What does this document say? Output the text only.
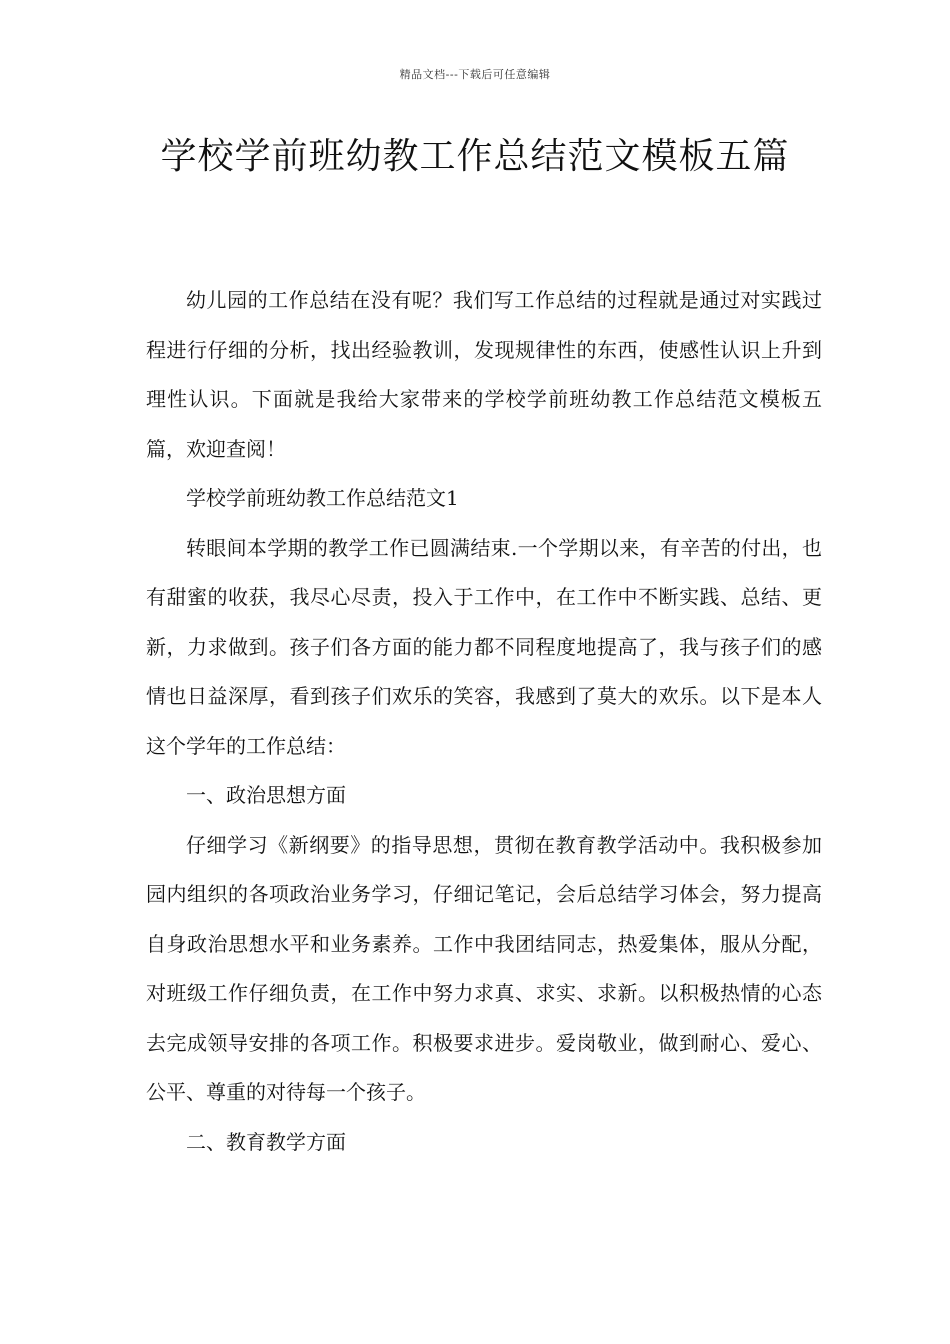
精品文档---下载后可任意编辑
学校学前班幼教工作总结范文模板五篇

幼儿园的工作总结在没有呢？我们写工作总结的过程就是通过对实践过程进行仔细的分析，找出经验教训，发现规律性的东西，使感性认识上升到理性认识。下面就是我给大家带来的学校学前班幼教工作总结范文模板五篇，欢迎查阅！

学校学前班幼教工作总结范文1

转眼间本学期的教学工作已圆满结束.一个学期以来，有辛苦的付出，也有甜蜜的收获，我尽心尽责，投入于工作中，在工作中不断实践、总结、更新，力求做到。孩子们各方面的能力都不同程度地提高了，我与孩子们的感情也日益深厚，看到孩子们欢乐的笑容，我感到了莫大的欢乐。以下是本人这个学年的工作总结：

一、政治思想方面

仔细学习《新纲要》的指导思想，贯彻在教育教学活动中。我积极参加园内组织的各项政治业务学习，仔细记笔记，会后总结学习体会，努力提高自身政治思想水平和业务素养。工作中我团结同志，热爱集体，服从分配，对班级工作仔细负责，在工作中努力求真、求实、求新。以积极热情的心态去完成领导安排的各项工作。积极要求进步。爱岗敬业，做到耐心、爱心、公平、尊重的对待每一个孩子。

二、教育教学方面
